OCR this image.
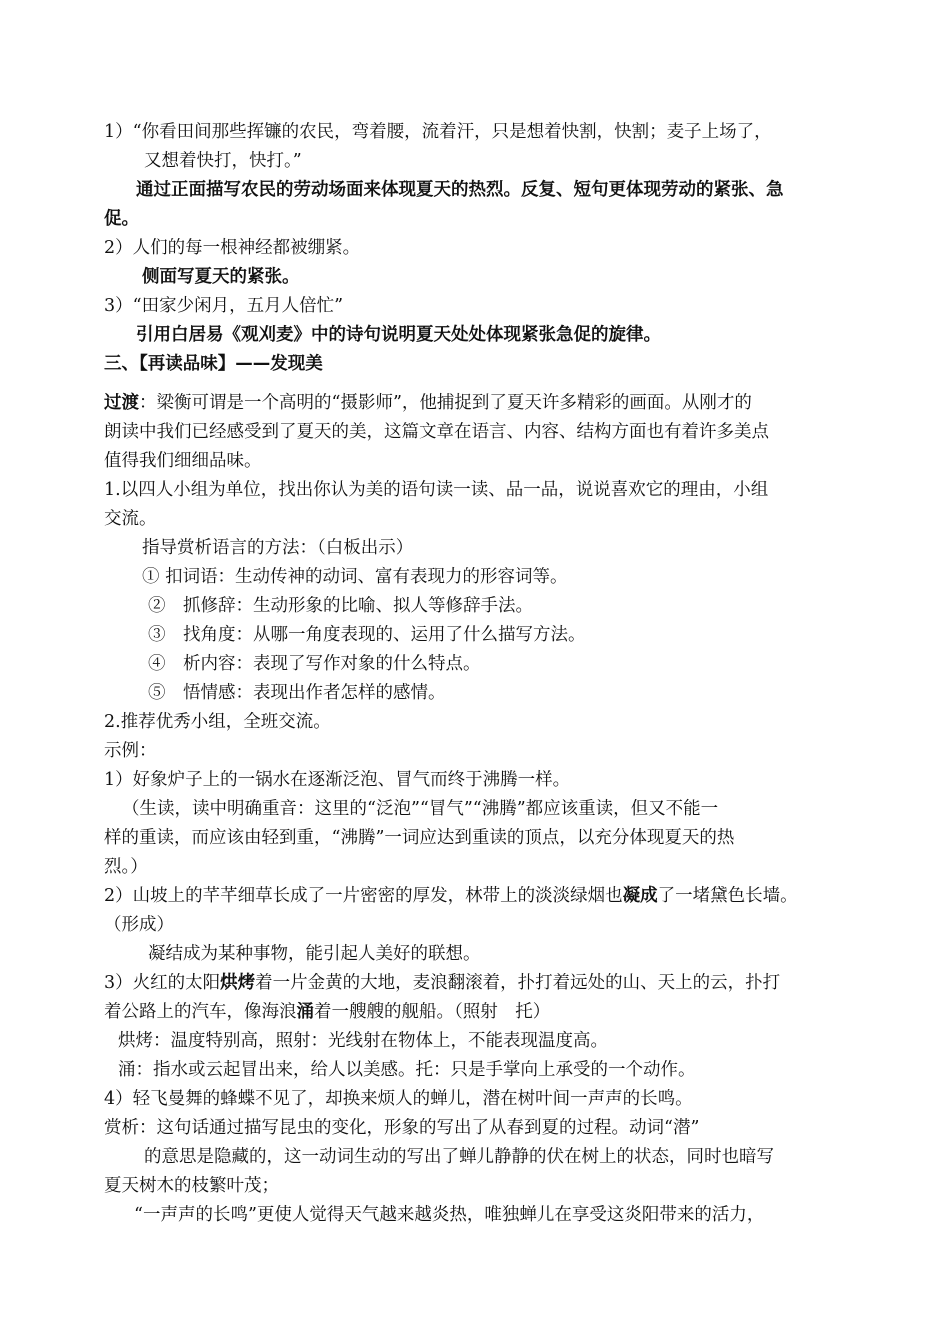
1）“你看田间那些挥镰的农民，弯着腰，流着汗，只是想着快割，快割；麦子上场了，
又想着快打，快打。”
通过正面描写农民的劳动场面来体现夏天的热烈。反复、短句更体现劳动的紧张、急
促。
2）人们的每一根神经都被绷紧。
侧面写夏天的紧张。
3）“田家少闲月，五月人倍忙”
引用白居易《观刈麦》中的诗句说明夏天处处体现紧张急促的旋律。
三、【再读品味】——发现美
过渡：梁衡可谓是一个高明的“摄影师”，他捕捉到了夏天许多精彩的画面。从刚才的
朗读中我们已经感受到了夏天的美，这篇文章在语言、内容、结构方面也有着许多美点
值得我们细细品味。
1.以四人小组为单位，找出你认为美的语句读一读、品一品，说说喜欢它的理由，小组
交流。
指导赏析语言的方法：（白板出示）
① 扣词语：生动传神的动词、富有表现力的形容词等。
②　抓修辞：生动形象的比喻、拟人等修辞手法。
③　找角度：从哪一角度表现的、运用了什么描写方法。
④　析内容：表现了写作对象的什么特点。
⑤　悟情感：表现出作者怎样的感情。
2.推荐优秀小组，全班交流。
示例：
1）好象炉子上的一锅水在逐渐泛泡、冒气而终于沸腾一样。
（生读，读中明确重音：这里的“泛泡”“冒气”“沸腾”都应该重读，但又不能一
样的重读，而应该由轻到重，“沸腾”一词应达到重读的顶点，以充分体现夏天的热
烈。）
2）山坡上的芊芊细草长成了一片密密的厚发，林带上的淡淡绿烟也凝成了一堵黛色长墙。
（形成）
凝结成为某种事物，能引起人美好的联想。
3）火红的太阳烘烤着一片金黄的大地，麦浪翻滚着，扑打着远处的山、天上的云，扑打
着公路上的汽车，像海浪涌着一艘艘的舰船。（照射　托）
烘烤：温度特别高，照射：光线射在物体上，不能表现温度高。
涌：指水或云起冒出来，给人以美感。托：只是手掌向上承受的一个动作。
4）轻飞曼舞的蜂蝶不见了，却换来烦人的蝉儿，潜在树叶间一声声的长鸣。
赏析：这句话通过描写昆虫的变化，形象的写出了从春到夏的过程。动词“潜”
的意思是隐藏的，这一动词生动的写出了蝉儿静静的伏在树上的状态，同时也暗写
夏天树木的枝繁叶茂；
“一声声的长鸣”更使人觉得天气越来越炎热，唯独蝉儿在享受这炎阳带来的活力，
